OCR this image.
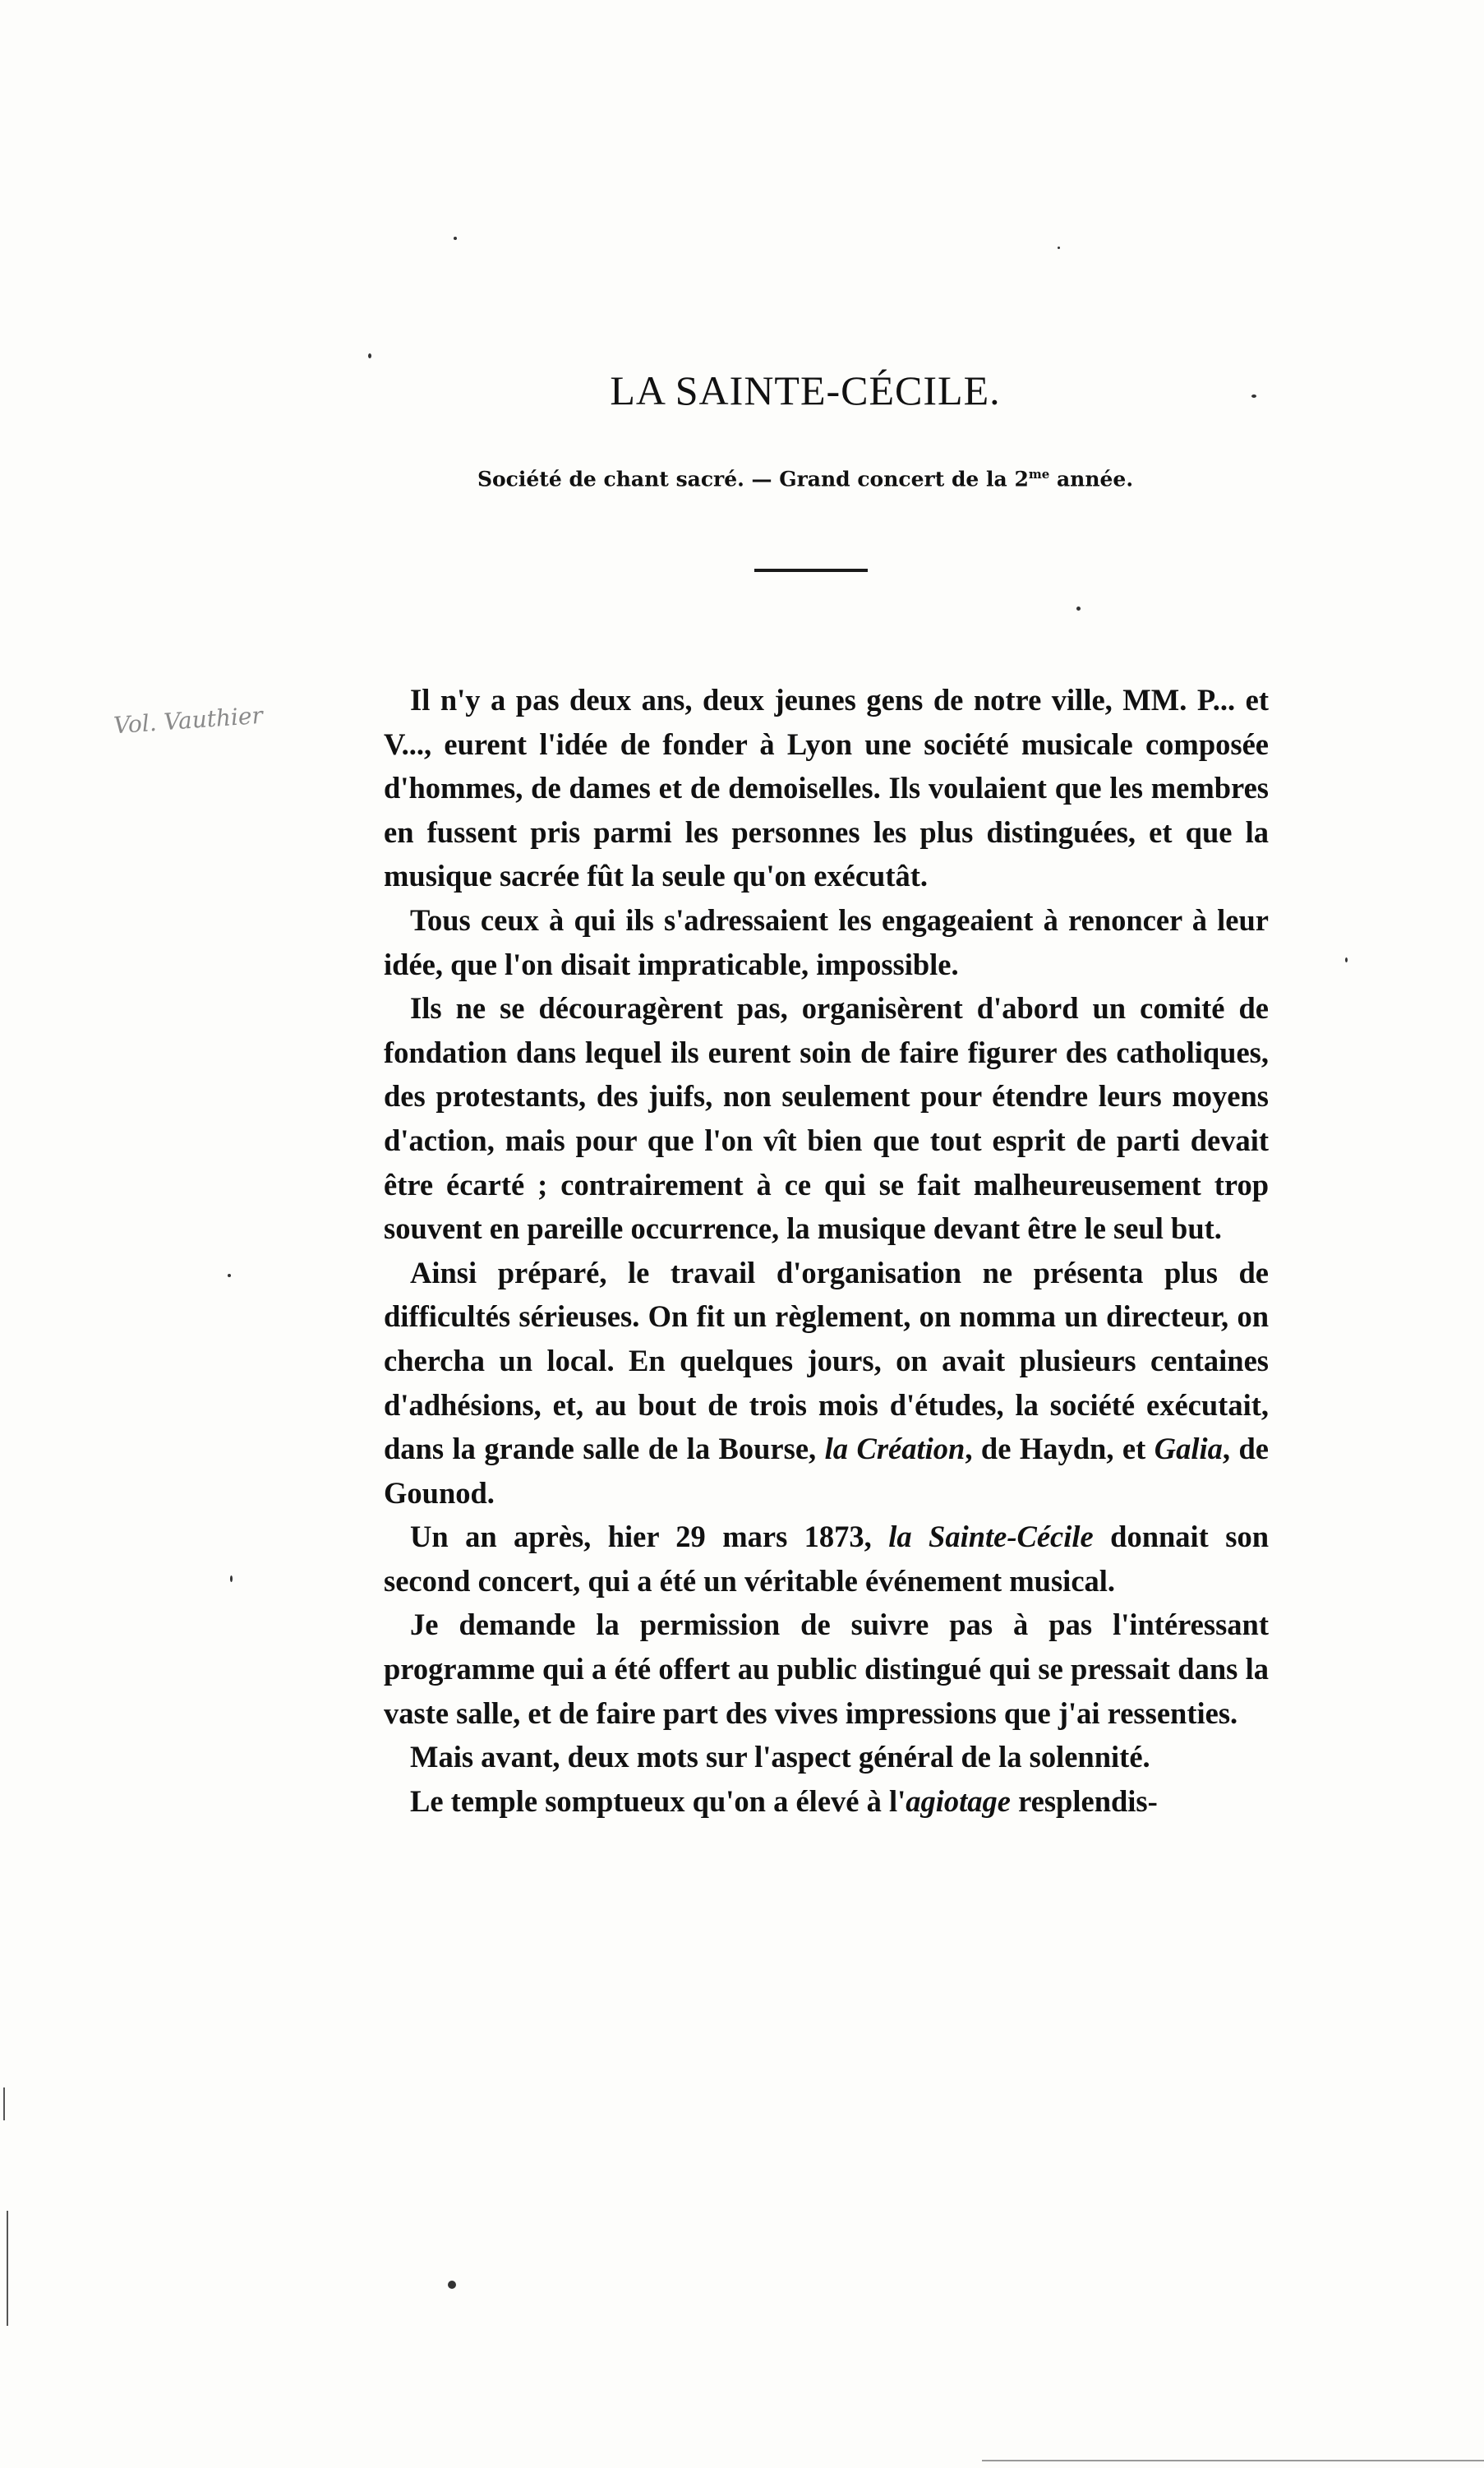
LA SAINTE-CÉCILE.
Société de chant sacré. — Grand concert de la $2^{me}$ année.
Vol. Vauthier

Il n'y a pas deux ans, deux jeunes gens de notre ville, MM. P... et V..., eurent l'idée de fonder à Lyon une société musicale composée d'hommes, de dames et de demoiselles. Ils voulaient que les membres en fussent pris parmi les personnes les plus distinguées, et que la musique sacrée fût la seule qu'on exécutât.

Tous ceux à qui ils s'adressaient les engageaient à renoncer à leur idée, que l'on disait impraticable, impossible.

Ils ne se découragèrent pas, organisèrent d'abord un comité de fondation dans lequel ils eurent soin de faire figurer des catholiques, des protestants, des juifs, non seulement pour étendre leurs moyens d'action, mais pour que l'on vît bien que tout esprit de parti devait être écarté ; contrairement à ce qui se fait malheureusement trop souvent en pareille occurrence, la musique devant être le seul but.

Ainsi préparé, le travail d'organisation ne présenta plus de difficultés sérieuses. On fit un règlement, on nomma un directeur, on chercha un local. En quelques jours, on avait plusieurs centaines d'adhésions, et, au bout de trois mois d'études, la société exécutait, dans la grande salle de la Bourse, la Création, de Haydn, et Galia, de Gounod.

Un an après, hier 29 mars 1873, la Sainte-Cécile donnait son second concert, qui a été un véritable événement musical.

Je demande la permission de suivre pas à pas l'intéressant programme qui a été offert au public distingué qui se pressait dans la vaste salle, et de faire part des vives impressions que j'ai ressenties.

Mais avant, deux mots sur l'aspect général de la solennité.

Le temple somptueux qu'on a élevé à l'agiotage resplendis-
